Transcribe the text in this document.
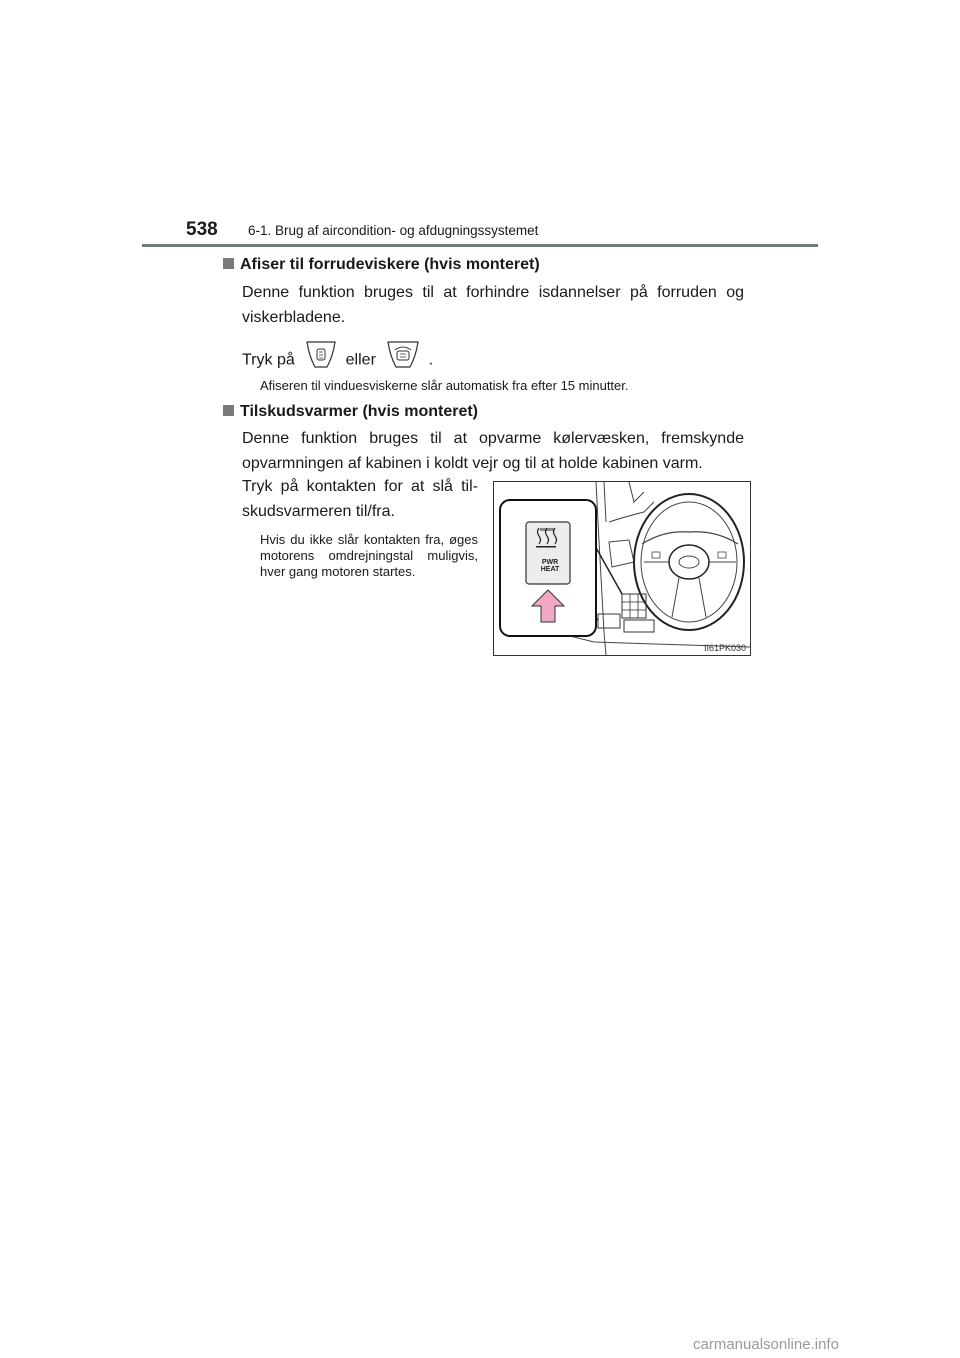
538 6-1. Brug af aircondition- og afdugningssystemet
Afiser til forrudeviskere (hvis monteret)
Denne funktion bruges til at forhindre isdannelser på forruden og viskerbladene.
Tryk på	eller	.
Afiseren til vinduesviskerne slår automatisk fra efter 15 minutter.
Tilskudsvarmer (hvis monteret)
Denne funktion bruges til at opvarme kølervæsken, fremskynde opvarmningen af kabinen i koldt vejr og til at holde kabinen varm.
Tryk på kontakten for at slå til-skudsvarmeren til/fra.
Hvis du ikke slår kontakten fra, øges motorens omdrejningstal muligvis, hver gang motoren startes.
PWR
HEAT
II61PK030
carmanualsonline.info
